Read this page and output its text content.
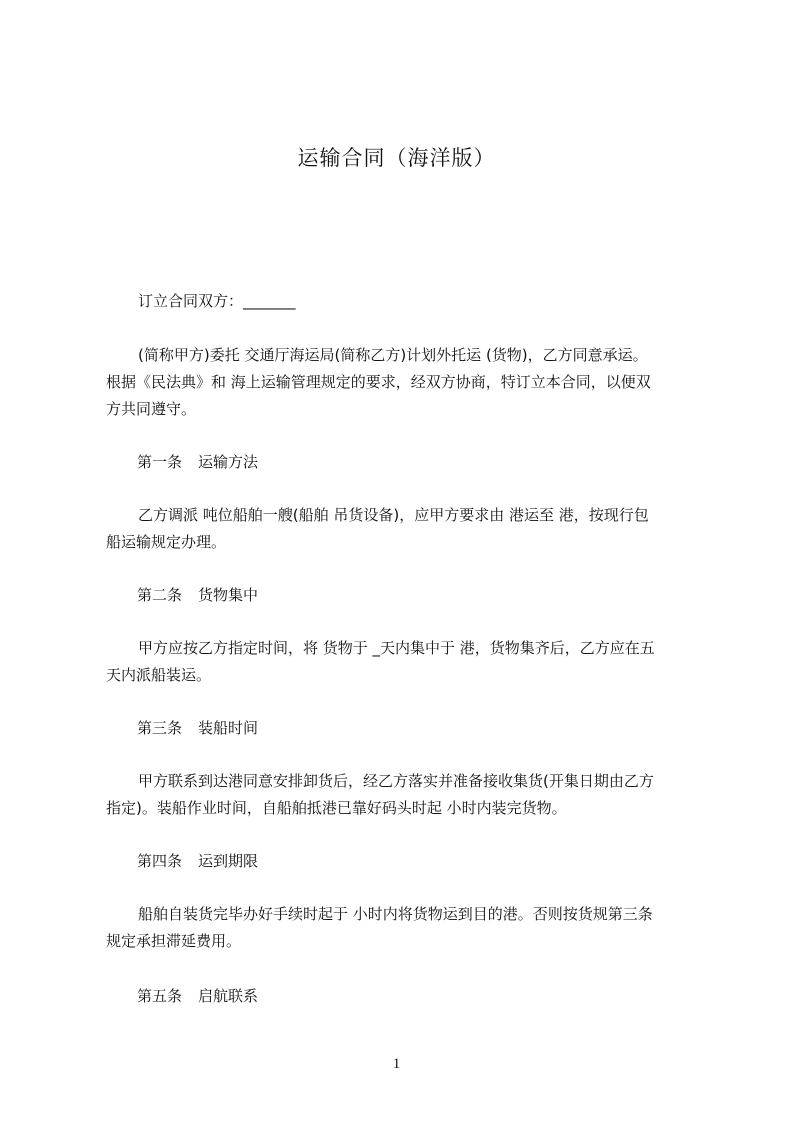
运输合同（海洋版）
订立合同双方：_______
(简称甲方)委托 交通厅海运局(简称乙方)计划外托运 (货物)，乙方同意承运。
根据《民法典》和 海上运输管理规定的要求，经双方协商，特订立本合同，以便双
方共同遵守。
第一条 运输方法
乙方调派 吨位船舶一艘(船舶 吊货设备)，应甲方要求由 港运至 港，按现行包
船运输规定办理。
第二条 货物集中
甲方应按乙方指定时间，将 货物于 _天内集中于 港，货物集齐后，乙方应在五
天内派船装运。
第三条 装船时间
甲方联系到达港同意安排卸货后，经乙方落实并准备接收集货(开集日期由乙方
指定)。装船作业时间，自船舶抵港已靠好码头时起 小时内装完货物。
第四条 运到期限
船舶自装货完毕办好手续时起于 小时内将货物运到目的港。否则按货规第三条
规定承担滞延费用。
第五条 启航联系
1
